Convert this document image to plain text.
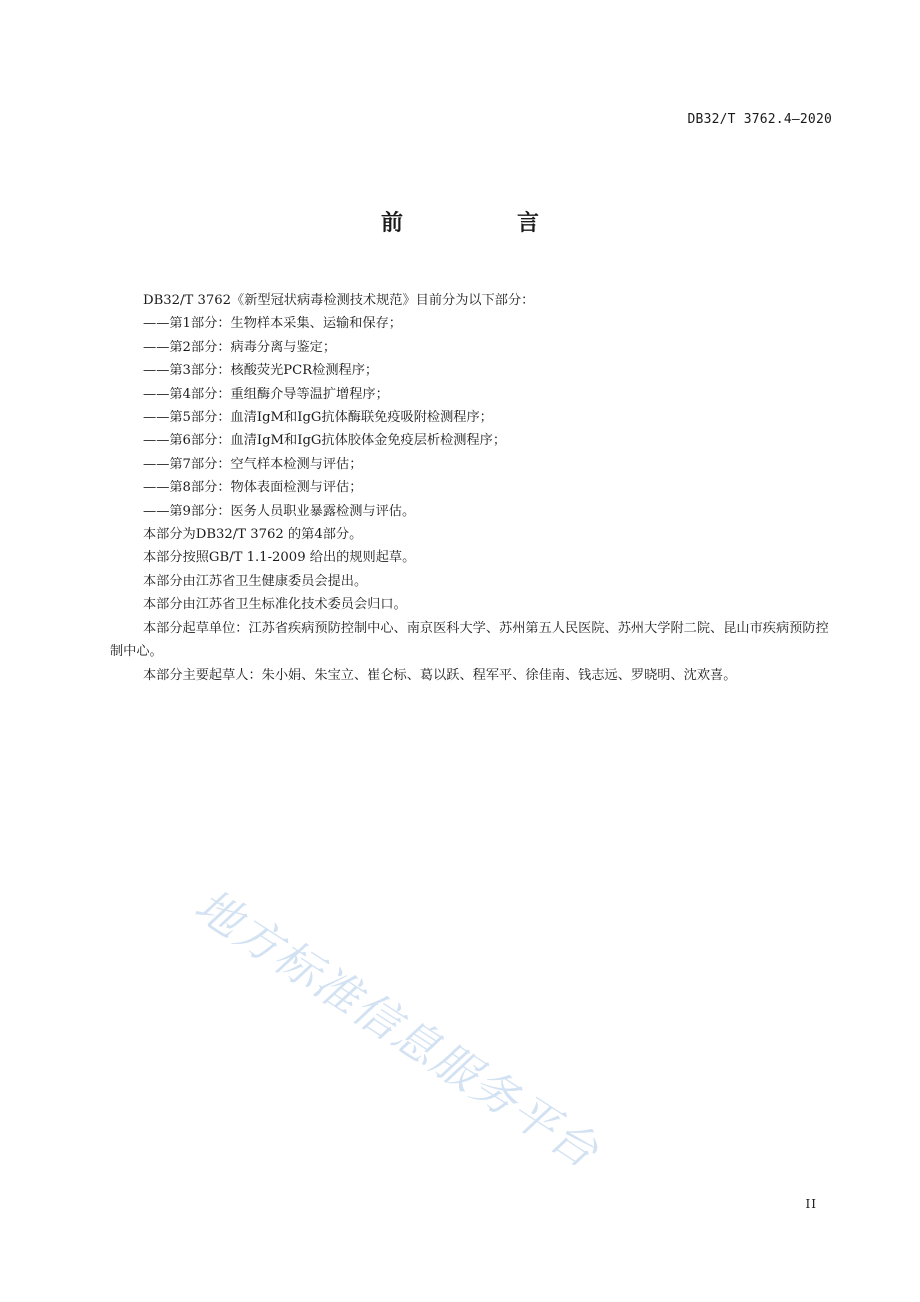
DB32/T 3762.4—2020
前　言

DB32/T 3762《新型冠状病毒检测技术规范》目前分为以下部分：

——第1部分：生物样本采集、运输和保存；

——第2部分：病毒分离与鉴定；

——第3部分：核酸荧光PCR检测程序；

——第4部分：重组酶介导等温扩增程序；

——第5部分：血清IgM和IgG抗体酶联免疫吸附检测程序；

——第6部分：血清IgM和IgG抗体胶体金免疫层析检测程序；

——第7部分：空气样本检测与评估；

——第8部分：物体表面检测与评估；

——第9部分：医务人员职业暴露检测与评估。

本部分为DB32/T 3762 的第4部分。

本部分按照GB/T 1.1-2009 给出的规则起草。

本部分由江苏省卫生健康委员会提出。

本部分由江苏省卫生标准化技术委员会归口。

本部分起草单位：江苏省疾病预防控制中心、南京医科大学、苏州第五人民医院、苏州大学附二院、昆山市疾病预防控制中心。

本部分主要起草人：朱小娟、朱宝立、崔仑标、葛以跃、程军平、徐佳南、钱志远、罗晓明、沈欢喜。

地方标准信息服务平台
II
